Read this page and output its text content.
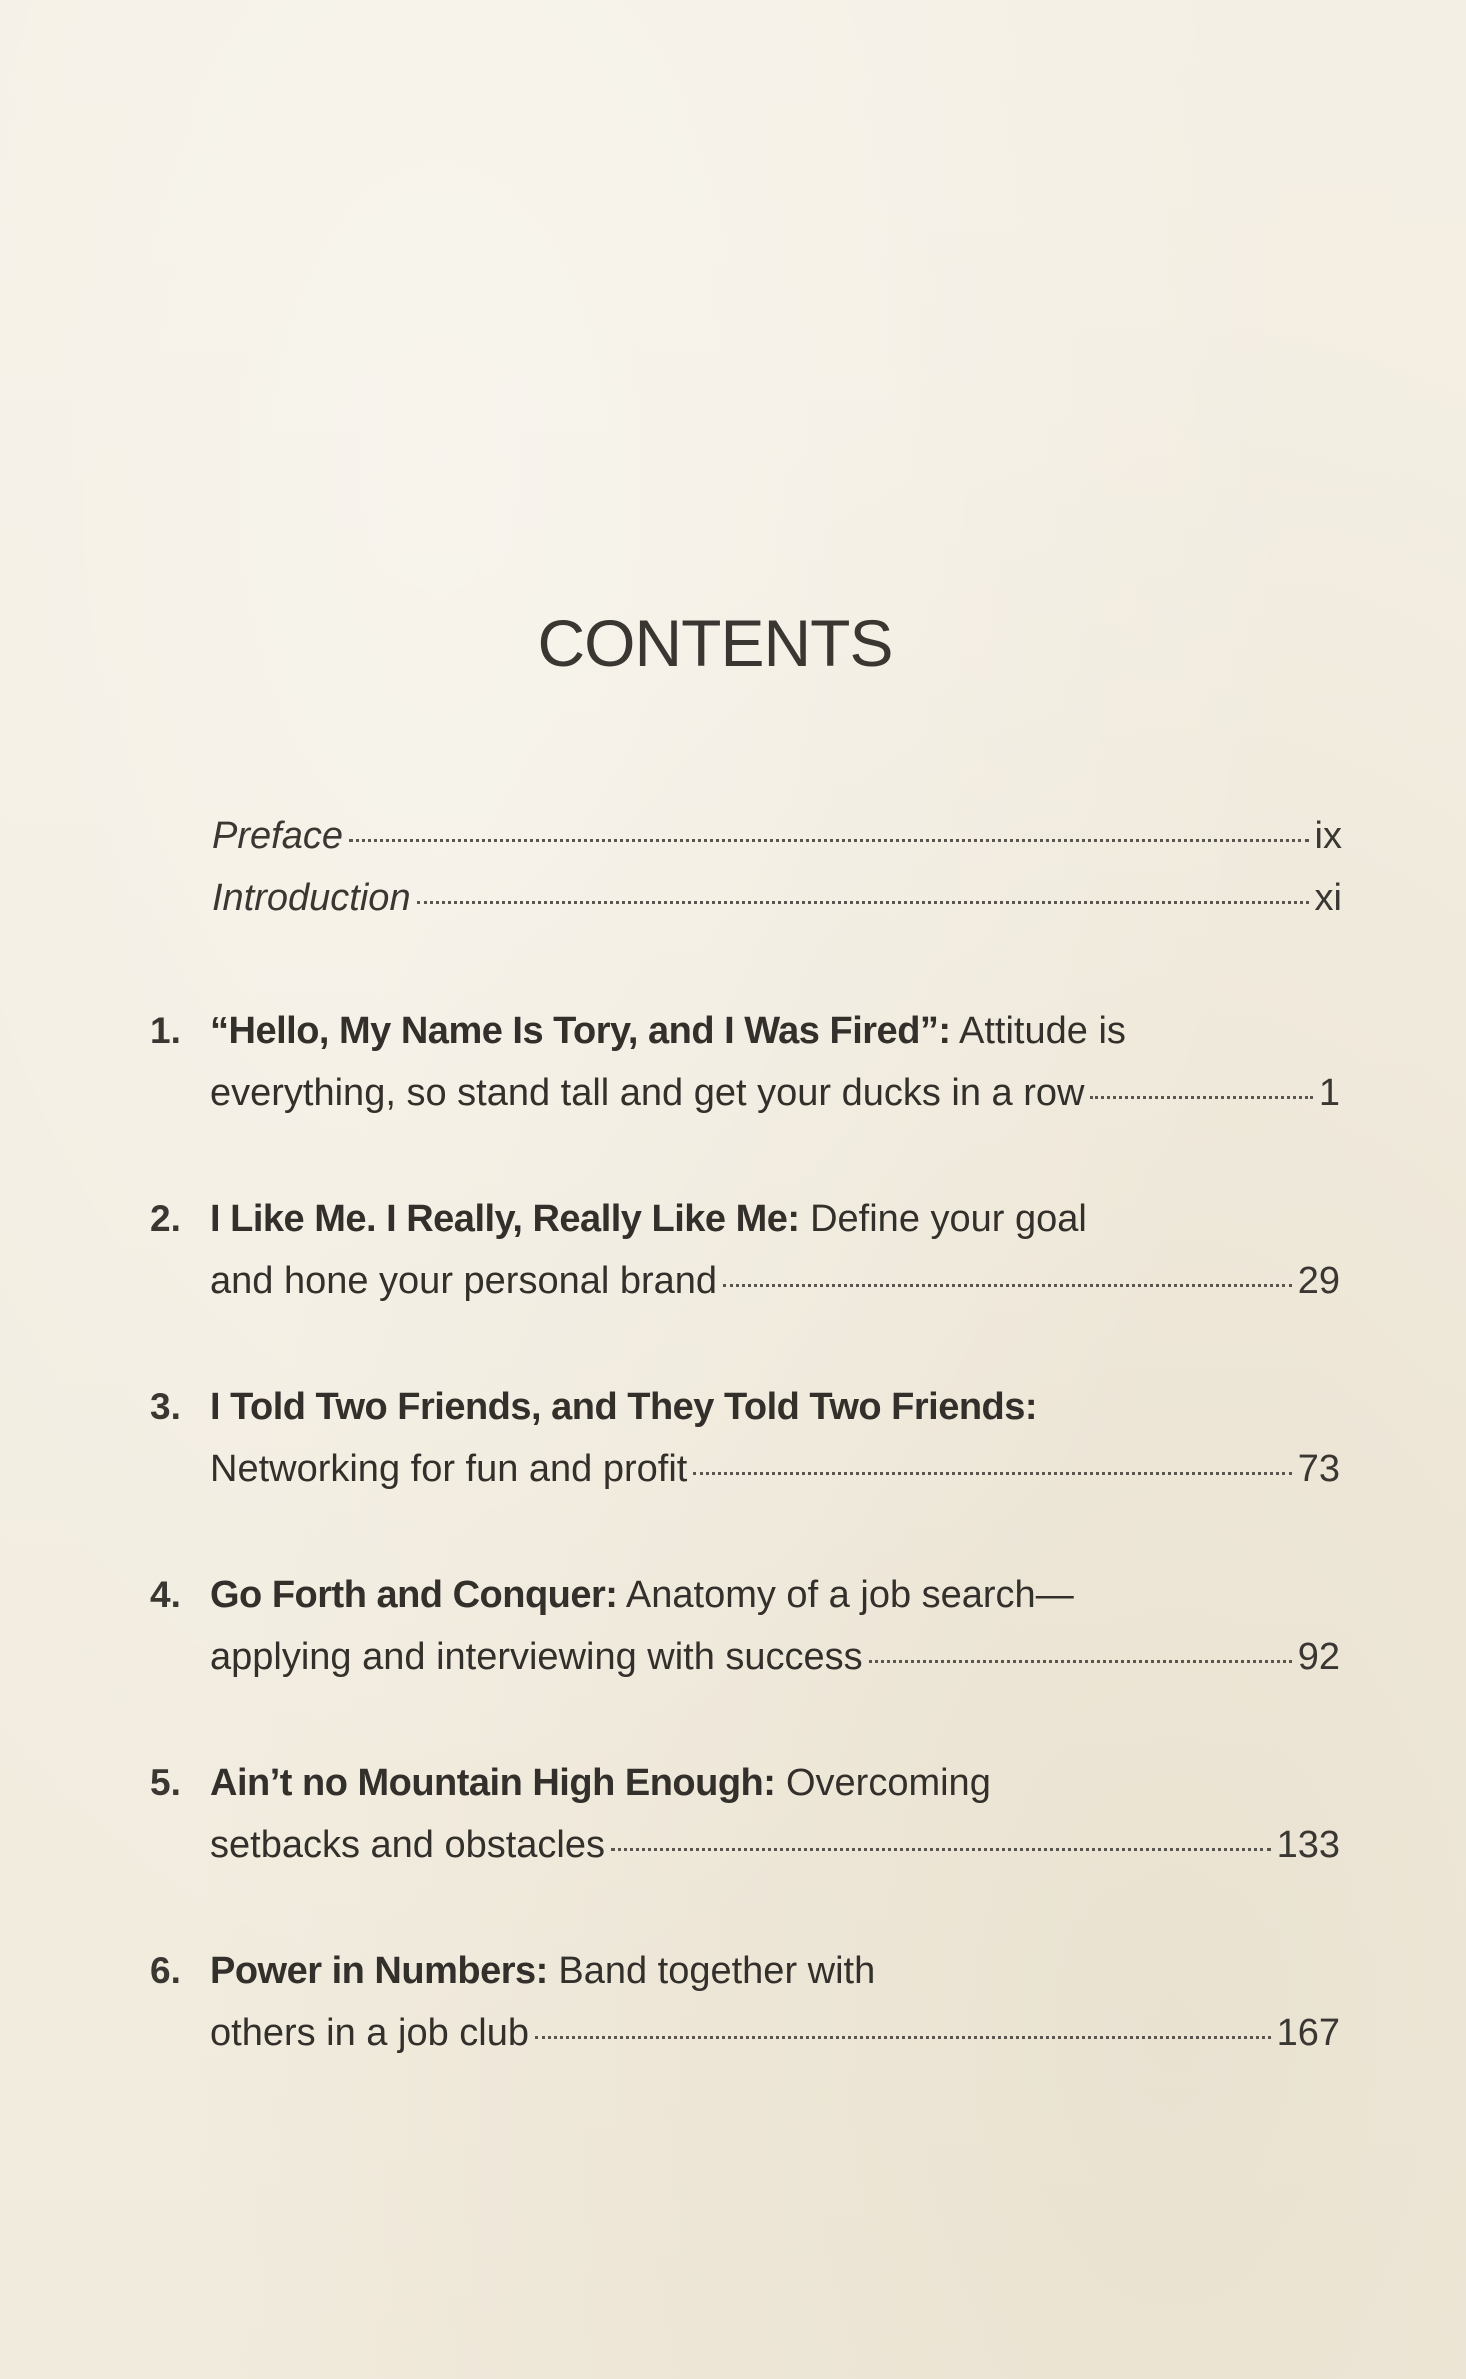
CONTENTS
Preface	ix
Introduction	xi
1. “Hello, My Name Is Tory, and I Was Fired”: Attitude is
everything, so stand tall and get your ducks in a row	1
2. I Like Me. I Really, Really Like Me: Define your goal
and hone your personal brand	29
3. I Told Two Friends, and They Told Two Friends:
Networking for fun and profit	73
4. Go Forth and Conquer: Anatomy of a job search—
applying and interviewing with success	92
5. Ain’t no Mountain High Enough: Overcoming
setbacks and obstacles	133
6. Power in Numbers: Band together with
others in a job club	167
